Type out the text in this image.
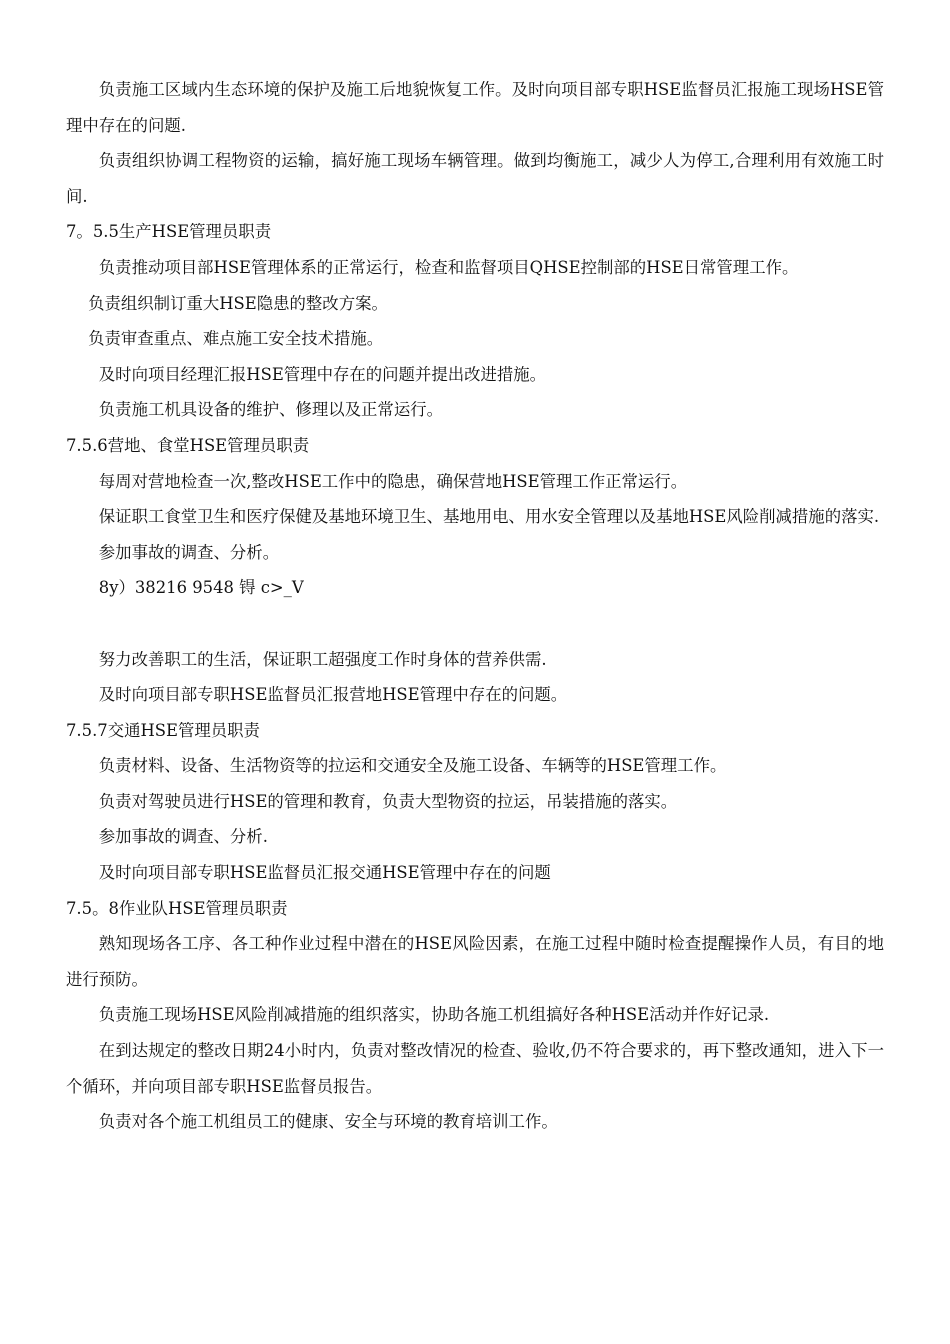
负责施工区域内生态环境的保护及施工后地貌恢复工作。及时向项目部专职HSE监督员汇报施工现场HSE管理中存在的问题.

负责组织协调工程物资的运输，搞好施工现场车辆管理。做到均衡施工，减少人为停工,合理利用有效施工时间.

7。5.5生产HSE管理员职责

负责推动项目部HSE管理体系的正常运行，检查和监督项目QHSE控制部的HSE日常管理工作。

负责组织制订重大HSE隐患的整改方案。

负责审查重点、难点施工安全技术措施。

及时向项目经理汇报HSE管理中存在的问题并提出改进措施。

负责施工机具设备的维护、修理以及正常运行。

7.5.6营地、食堂HSE管理员职责

每周对营地检查一次,整改HSE工作中的隐患，确保营地HSE管理工作正常运行。

保证职工食堂卫生和医疗保健及基地环境卫生、基地用电、用水安全管理以及基地HSE风险削减措施的落实.

参加事故的调查、分析。

8y）38216 9548 锝 c>_V

努力改善职工的生活，保证职工超强度工作时身体的营养供需.

及时向项目部专职HSE监督员汇报营地HSE管理中存在的问题。

7.5.7交通HSE管理员职责

负责材料、设备、生活物资等的拉运和交通安全及施工设备、车辆等的HSE管理工作。

负责对驾驶员进行HSE的管理和教育，负责大型物资的拉运，吊装措施的落实。

参加事故的调查、分析.

及时向项目部专职HSE监督员汇报交通HSE管理中存在的问题

7.5。8作业队HSE管理员职责

熟知现场各工序、各工种作业过程中潜在的HSE风险因素，在施工过程中随时检查提醒操作人员，有目的地进行预防。

负责施工现场HSE风险削减措施的组织落实，协助各施工机组搞好各种HSE活动并作好记录.

在到达规定的整改日期24小时内，负责对整改情况的检查、验收,仍不符合要求的，再下整改通知，进入下一个循环，并向项目部专职HSE监督员报告。

负责对各个施工机组员工的健康、安全与环境的教育培训工作。
